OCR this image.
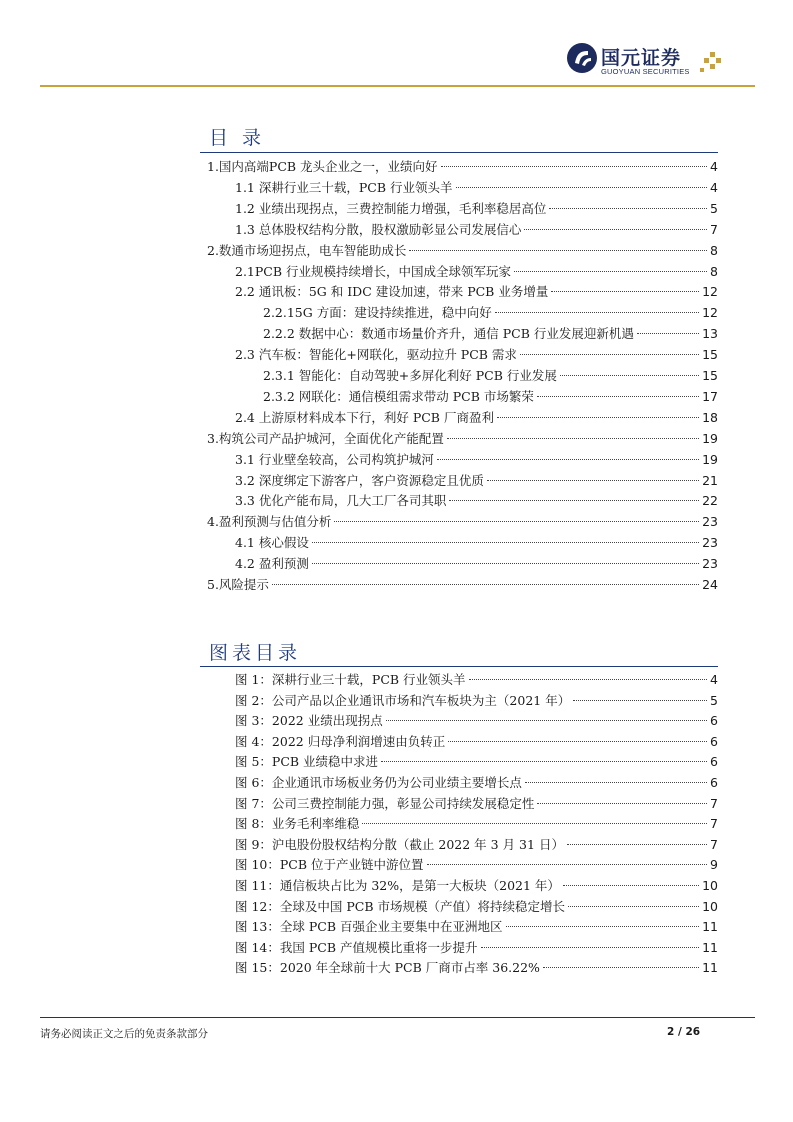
国元证券
GUOYUAN SECURITIES
目 录
1.国内高端PCB 龙头企业之一，业绩向好	4
1.1 深耕行业三十载，PCB 行业领头羊	4
1.2 业绩出现拐点，三费控制能力增强，毛利率稳居高位	5
1.3 总体股权结构分散，股权激励彰显公司发展信心	7
2.数通市场迎拐点，电车智能助成长	8
2.1PCB 行业规模持续增长，中国成全球领军玩家	8
2.2 通讯板：5G 和 IDC 建设加速，带来 PCB 业务增量	12
2.2.15G 方面：建设持续推进，稳中向好	12
2.2.2 数据中心：数通市场量价齐升，通信 PCB 行业发展迎新机遇	13
2.3 汽车板：智能化+网联化，驱动拉升 PCB 需求	15
2.3.1 智能化：自动驾驶+多屏化利好 PCB 行业发展	15
2.3.2 网联化：通信模组需求带动 PCB 市场繁荣	17
2.4 上游原材料成本下行，利好 PCB 厂商盈利	18
3.构筑公司产品护城河，全面优化产能配置	19
3.1 行业壁垒较高，公司构筑护城河	19
3.2 深度绑定下游客户，客户资源稳定且优质	21
3.3 优化产能布局，几大工厂各司其职	22
4.盈利预测与估值分析	23
4.1 核心假设	23
4.2 盈利预测	23
5.风险提示	24
图表目录
图 1：深耕行业三十载，PCB 行业领头羊	4
图 2：公司产品以企业通讯市场和汽车板块为主（2021 年）	5
图 3：2022 业绩出现拐点	6
图 4：2022 归母净利润增速由负转正	6
图 5：PCB 业绩稳中求进	6
图 6：企业通讯市场板业务仍为公司业绩主要增长点	6
图 7：公司三费控制能力强，彰显公司持续发展稳定性	7
图 8：业务毛利率维稳	7
图 9：沪电股份股权结构分散（截止 2022 年 3 月 31 日）	7
图 10：PCB 位于产业链中游位置	9
图 11：通信板块占比为 32%，是第一大板块（2021 年）	10
图 12：全球及中国 PCB 市场规模（产值）将持续稳定增长	10
图 13：全球 PCB 百强企业主要集中在亚洲地区	11
图 14：我国 PCB 产值规模比重将一步提升	11
图 15：2020 年全球前十大 PCB 厂商市占率 36.22%	11
请务必阅读正文之后的免责条款部分	2 / 26
